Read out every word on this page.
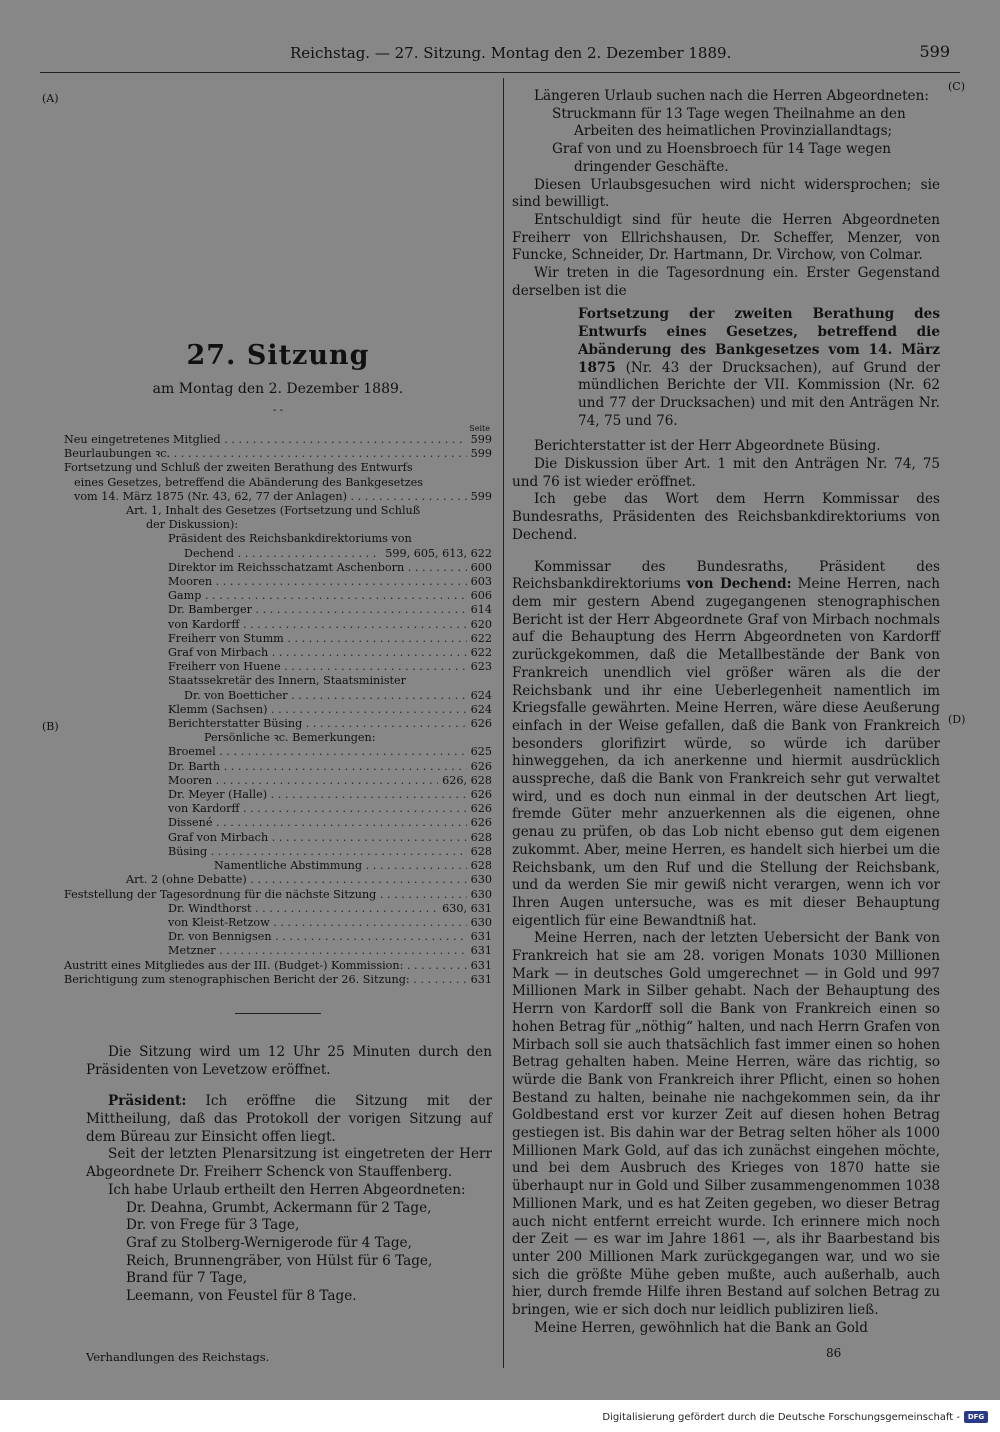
Reichstag. — 27. Sitzung. Montag den 2. Dezember 1889.	599
(A)
(B)
(C)
(D)
27. Sitzung
am Montag den 2. Dezember 1889.
- -
Seite
Neu eingetretenes Mitglied . . .	599
Beurlaubungen ꝛc. . . .	599
Fortsetzung und Schluß der zweiten Berathung des Entwurfs
eines Gesetzes, betreffend die Abänderung des Bankgesetzes
vom 14. März 1875 (Nr. 43, 62, 77 der Anlagen) . . .	599
Art. 1, Inhalt des Gesetzes (Fortsetzung und Schluß
der Diskussion):
Präsident des Reichsbankdirektoriums von
Dechend . . .	599, 605, 613, 622
Direktor im Reichsschatzamt Aschenborn . . .	600
Mooren . . .	603
Gamp . . .	606
Dr. Bamberger . . .	614
von Kardorff . . .	620
Freiherr von Stumm . . .	622
Graf von Mirbach . . .	622
Freiherr von Huene . . .	623
Staatssekretär des Innern, Staatsminister
Dr. von Boetticher . . .	624
Klemm (Sachsen) . . .	624
Berichterstatter Büsing . . .	626
Persönliche ꝛc. Bemerkungen:
Broemel . . .	625
Dr. Barth . . .	626
Mooren . . .	626, 628
Dr. Meyer (Halle) . . .	626
von Kardorff . . .	626
Dissené . . .	626
Graf von Mirbach . . .	628
Büsing . . .	628
Namentliche Abstimmung . . .	628
Art. 2 (ohne Debatte) . . .	630
Feststellung der Tagesordnung für die nächste Sitzung . . .	630
Dr. Windthorst . . .	630, 631
von Kleist-Retzow . . .	630
Dr. von Bennigsen . . .	631
Metzner . . .	631
Austritt eines Mitgliedes aus der III. (Budget-) Kommission: . . .	631
Berichtigung zum stenographischen Bericht der 26. Sitzung: . . .	631

Die Sitzung wird um 12 Uhr 25 Minuten durch den Präsidenten von Levetzow eröffnet.

Präsident: Ich eröffne die Sitzung mit der Mittheilung, daß das Protokoll der vorigen Sitzung auf dem Büreau zur Einsicht offen liegt.

Seit der letzten Plenarsitzung ist eingetreten der Herr Abgeordnete Dr. Freiherr Schenck von Stauffenberg.

Ich habe Urlaub ertheilt den Herren Abgeordneten:

Dr. Deahna, Grumbt, Ackermann für 2 Tage,

Dr. von Frege für 3 Tage,

Graf zu Stolberg-Wernigerode für 4 Tage,

Reich, Brunnengräber, von Hülst für 6 Tage,

Brand für 7 Tage,

Leemann, von Feustel für 8 Tage.

Längeren Urlaub suchen nach die Herren Abgeordneten:

Struckmann für 13 Tage wegen Theilnahme an den Arbeiten des heimatlichen Provinziallandtags;

Graf von und zu Hoensbroech für 14 Tage wegen dringender Geschäfte.

Diesen Urlaubsgesuchen wird nicht widersprochen; sie sind bewilligt.

Entschuldigt sind für heute die Herren Abgeordneten Freiherr von Ellrichshausen, Dr. Scheffer, Menzer, von Funcke, Schneider, Dr. Hartmann, Dr. Virchow, von Colmar.

Wir treten in die Tagesordnung ein. Erster Gegenstand derselben ist die

Fortsetzung der zweiten Berathung des Entwurfs eines Gesetzes, betreffend die Abänderung des Bankgesetzes vom 14. März 1875 (Nr. 43 der Drucksachen), auf Grund der mündlichen Berichte der VII. Kommission (Nr. 62 und 77 der Drucksachen) und mit den Anträgen Nr. 74, 75 und 76.

Berichterstatter ist der Herr Abgeordnete Büsing.

Die Diskussion über Art. 1 mit den Anträgen Nr. 74, 75 und 76 ist wieder eröffnet.

Ich gebe das Wort dem Herrn Kommissar des Bundesraths, Präsidenten des Reichsbankdirektoriums von Dechend.

Kommissar des Bundesraths, Präsident des Reichsbankdirektoriums von Dechend: Meine Herren, nach dem mir gestern Abend zugegangenen stenographischen Bericht ist der Herr Abgeordnete Graf von Mirbach nochmals auf die Behauptung des Herrn Abgeordneten von Kardorff zurückgekommen, daß die Metallbestände der Bank von Frankreich unendlich viel größer wären als die der Reichsbank und ihr eine Ueberlegenheit namentlich im Kriegsfalle gewährten. Meine Herren, wäre diese Aeußerung einfach in der Weise gefallen, daß die Bank von Frankreich besonders glorifizirt würde, so würde ich darüber hinweggehen, da ich anerkenne und hiermit ausdrücklich ausspreche, daß die Bank von Frankreich sehr gut verwaltet wird, und es doch nun einmal in der deutschen Art liegt, fremde Güter mehr anzuerkennen als die eigenen, ohne genau zu prüfen, ob das Lob nicht ebenso gut dem eigenen zukommt. Aber, meine Herren, es handelt sich hierbei um die Reichsbank, um den Ruf und die Stellung der Reichsbank, und da werden Sie mir gewiß nicht verargen, wenn ich vor Ihren Augen untersuche, was es mit dieser Behauptung eigentlich für eine Bewandtniß hat.

Meine Herren, nach der letzten Uebersicht der Bank von Frankreich hat sie am 28. vorigen Monats 1030 Millionen Mark — in deutsches Gold umgerechnet — in Gold und 997 Millionen Mark in Silber gehabt. Nach der Behauptung des Herrn von Kardorff soll die Bank von Frankreich einen so hohen Betrag für „nöthig“ halten, und nach Herrn Grafen von Mirbach soll sie auch thatsächlich fast immer einen so hohen Betrag gehalten haben. Meine Herren, wäre das richtig, so würde die Bank von Frankreich ihrer Pflicht, einen so hohen Bestand zu halten, beinahe nie nachgekommen sein, da ihr Goldbestand erst vor kurzer Zeit auf diesen hohen Betrag gestiegen ist. Bis dahin war der Betrag selten höher als 1000 Millionen Mark Gold, auf das ich zunächst eingehen möchte, und bei dem Ausbruch des Krieges von 1870 hatte sie überhaupt nur in Gold und Silber zusammengenommen 1038 Millionen Mark, und es hat Zeiten gegeben, wo dieser Betrag auch nicht entfernt erreicht wurde. Ich erinnere mich noch der Zeit — es war im Jahre 1861 —, als ihr Baarbestand bis unter 200 Millionen Mark zurückgegangen war, und wo sie sich die größte Mühe geben mußte, auch außerhalb, auch hier, durch fremde Hilfe ihren Bestand auf solchen Betrag zu bringen, wie er sich doch nur leidlich publiziren ließ.

Meine Herren, gewöhnlich hat die Bank an Gold

Verhandlungen des Reichstags.	86
Digitalisierung gefördert durch die Deutsche Forschungsgemeinschaft -	DFG
